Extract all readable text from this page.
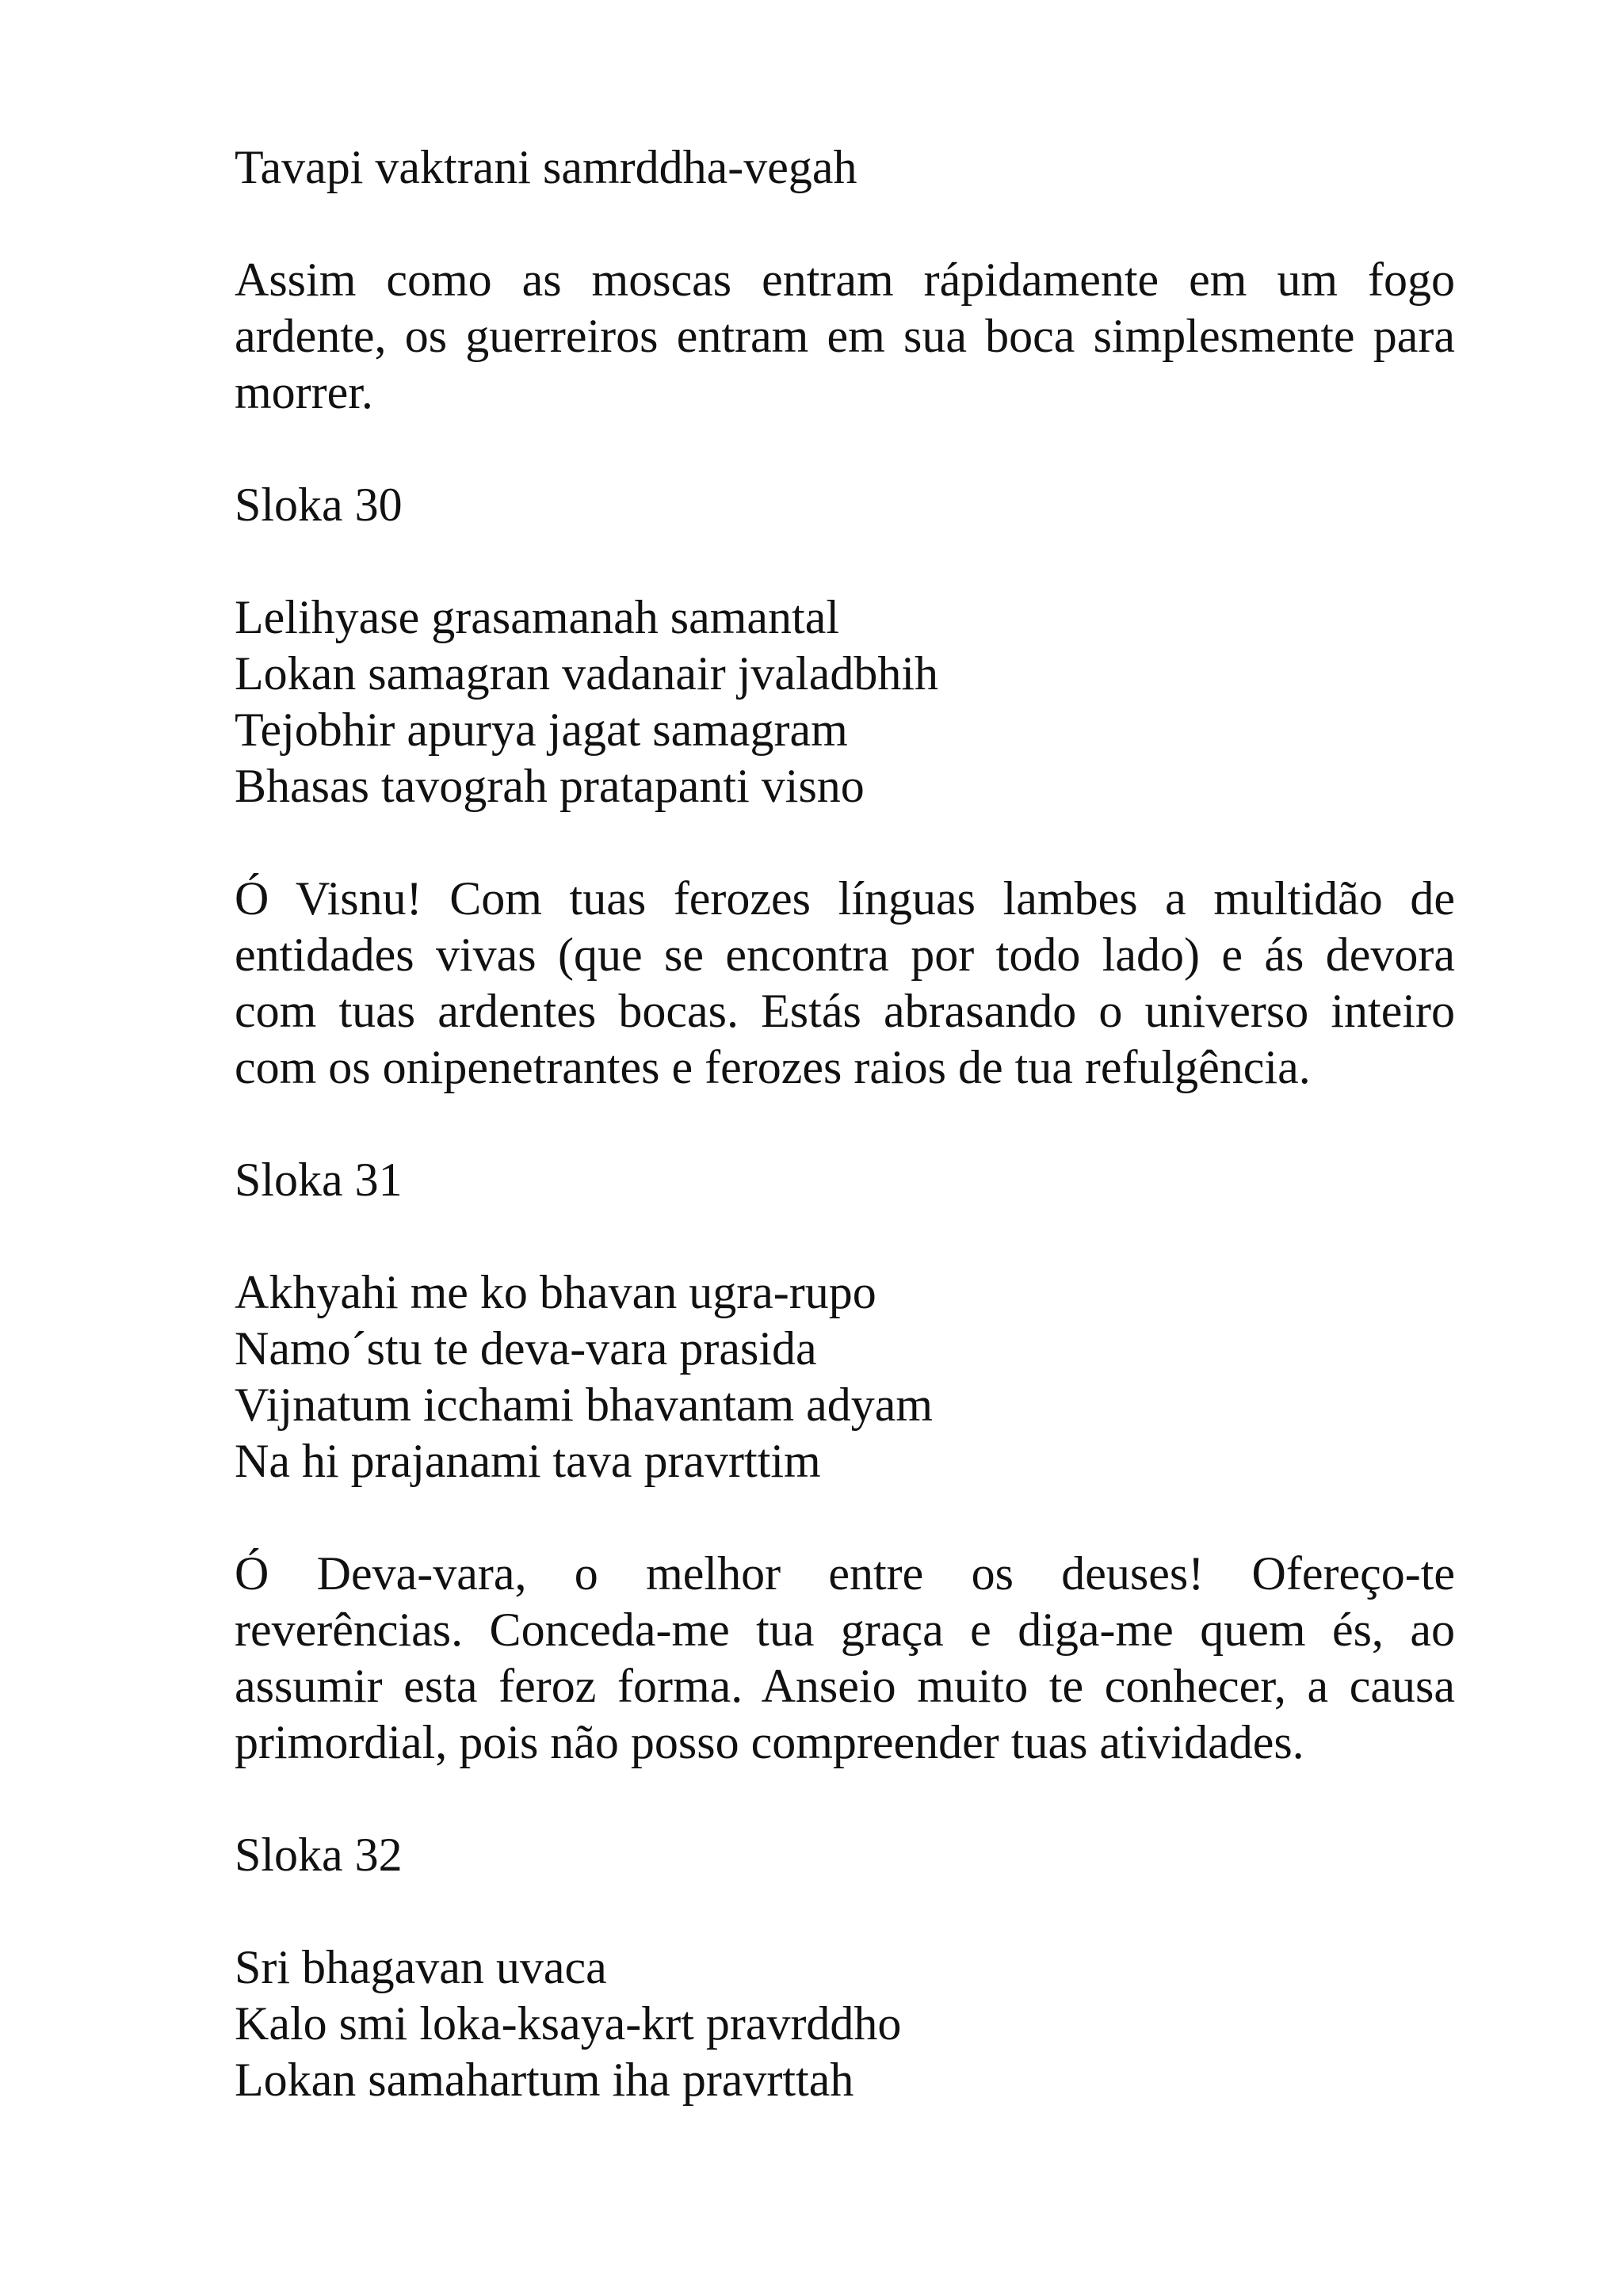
Tavapi vaktrani samrddha-vegah
Assim como as moscas entram rápidamente em um fogo
ardente, os guerreiros entram em sua boca simplesmente para
morrer.
Sloka 30
Lelihyase grasamanah samantal
Lokan samagran vadanair jvaladbhih
Tejobhir apurya jagat samagram
Bhasas tavograh pratapanti visno
Ó Visnu! Com tuas ferozes línguas lambes a multidão de
entidades vivas (que se encontra por todo lado) e ás devora
com tuas ardentes bocas. Estás abrasando o universo inteiro
com os onipenetrantes e ferozes raios de tua refulgência.
Sloka 31
Akhyahi me ko bhavan ugra-rupo
Namo´stu te deva-vara prasida
Vijnatum icchami bhavantam adyam
Na hi prajanami tava pravrttim
Ó Deva-vara, o melhor entre os deuses! Ofereço-te
reverências. Conceda-me tua graça e diga-me quem és, ao
assumir esta feroz forma. Anseio muito te conhecer, a causa
primordial, pois não posso compreender tuas atividades.
Sloka 32
Sri bhagavan uvaca
Kalo smi loka-ksaya-krt pravrddho
Lokan samahartum iha pravrttah
